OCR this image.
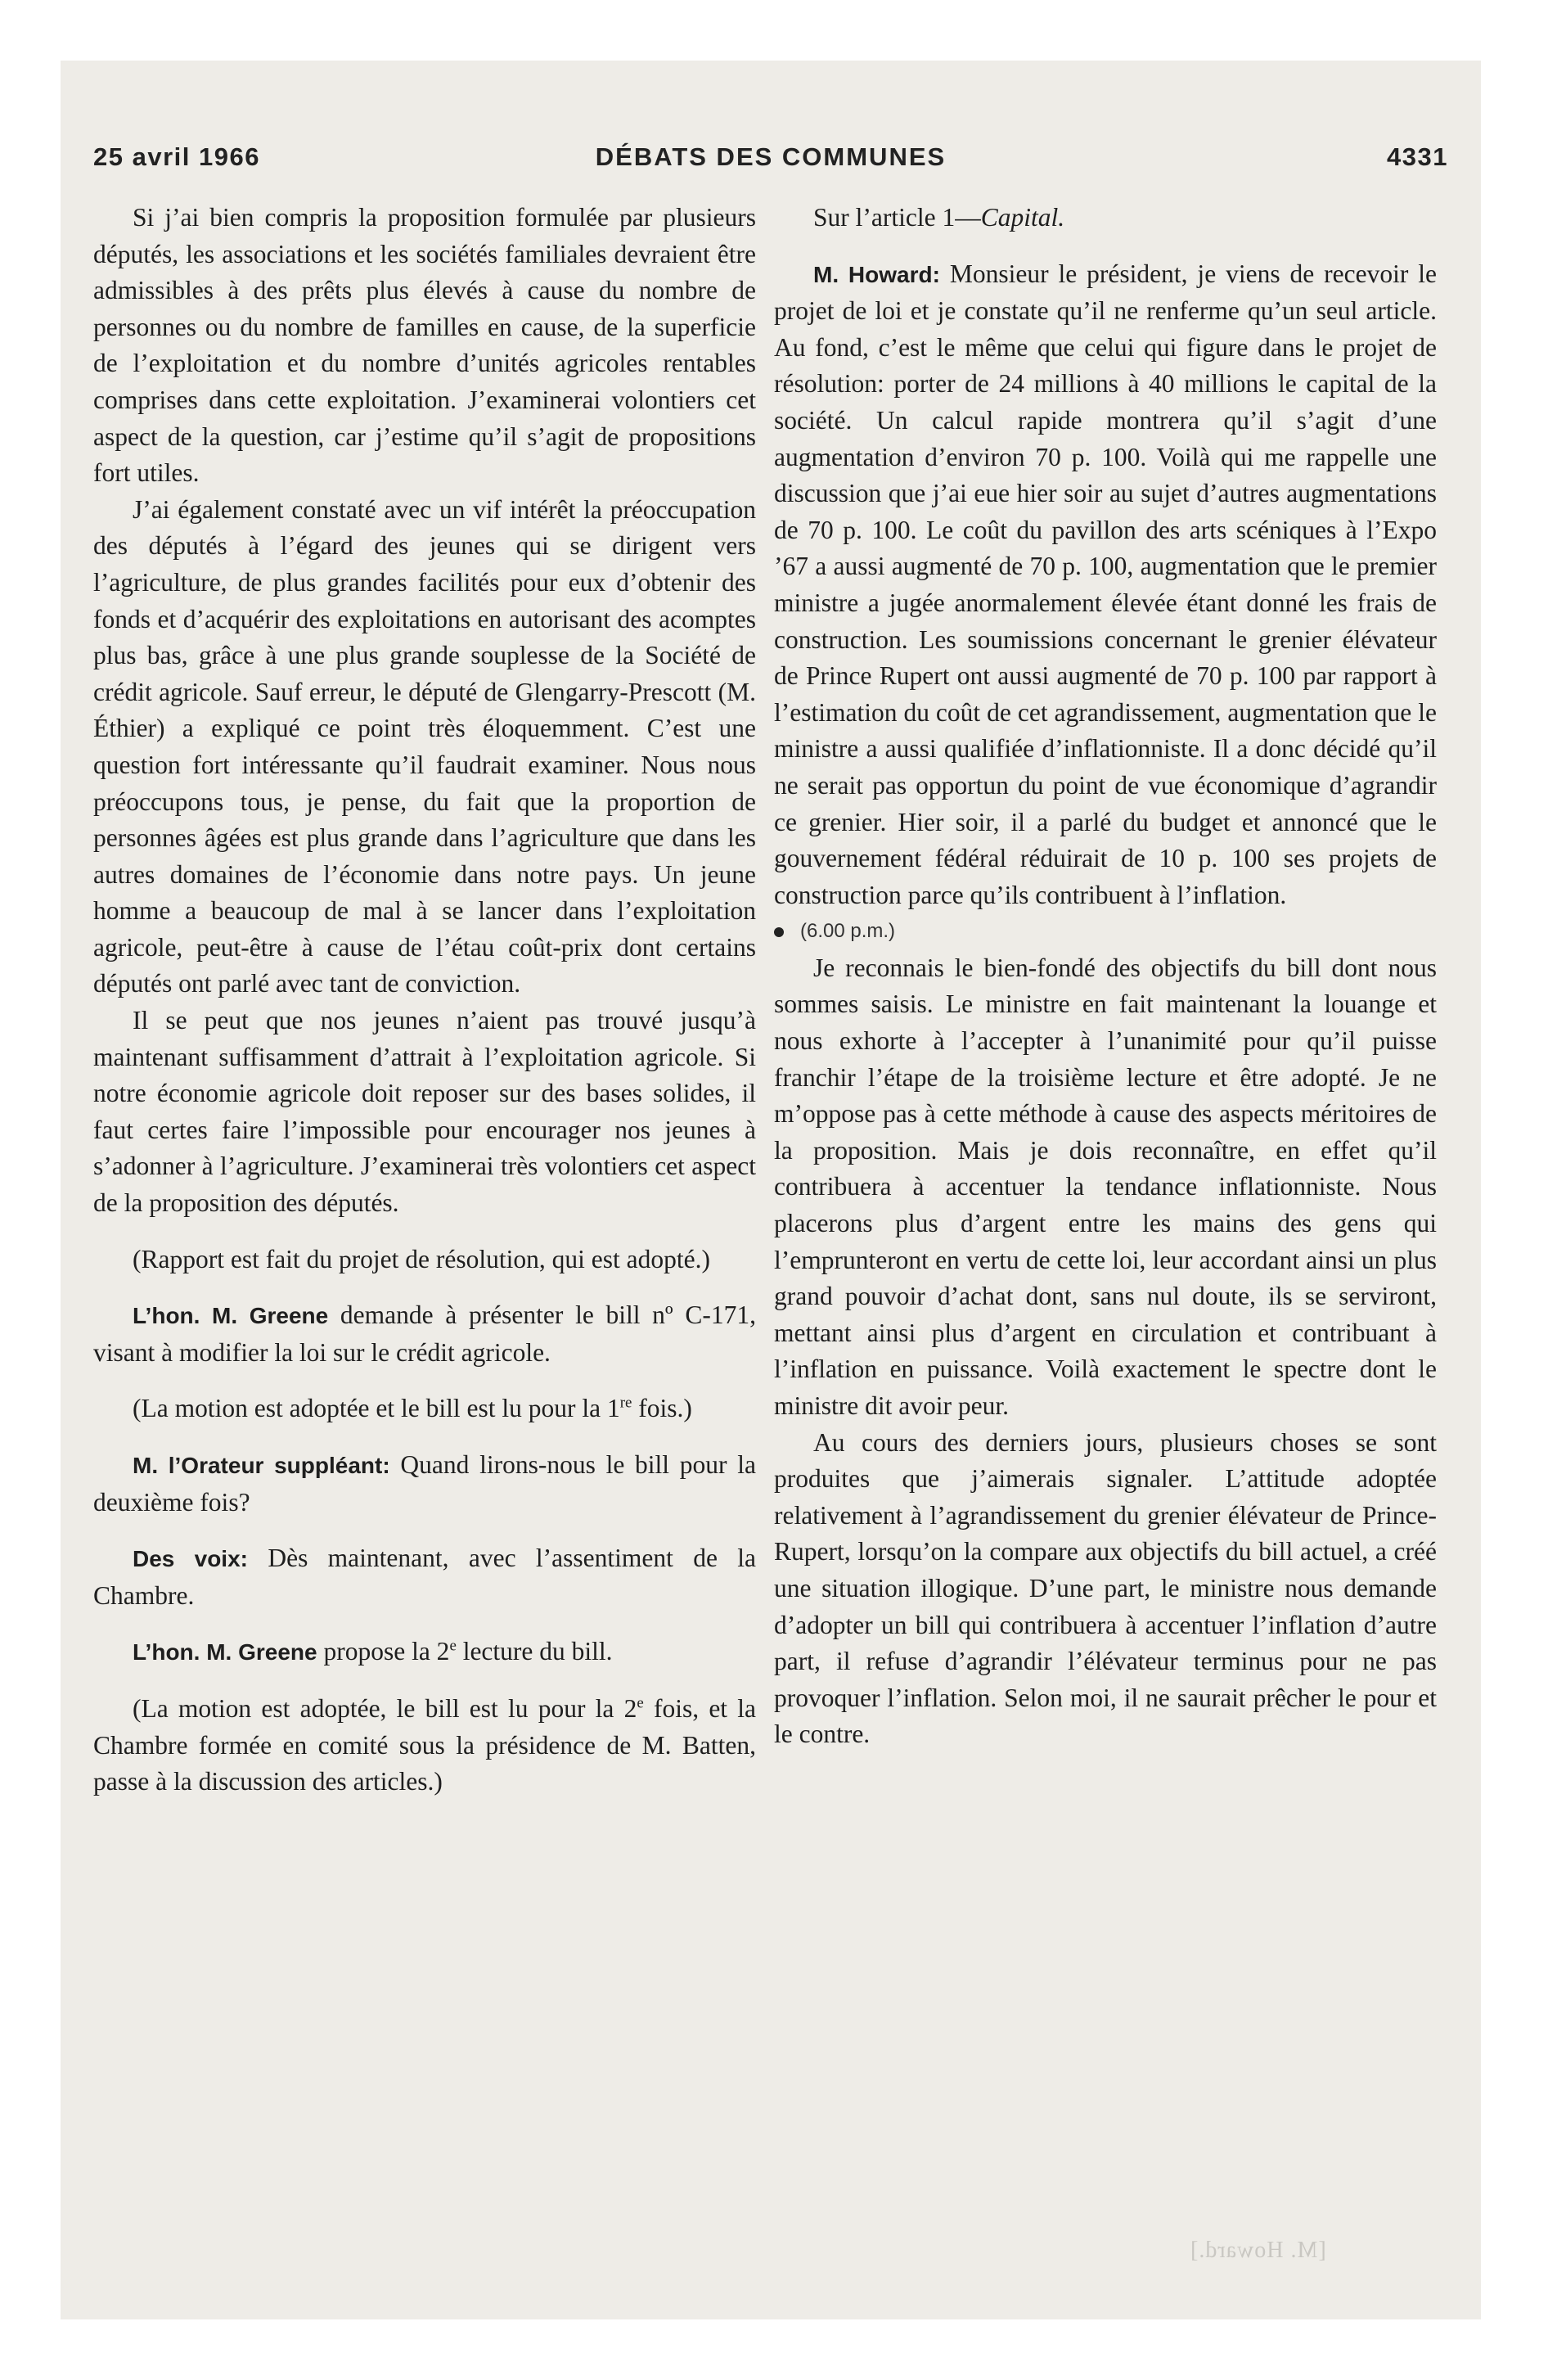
25 avril 1966	DÉBATS DES COMMUNES	4331

Si j’ai bien compris la proposition formulée par plusieurs députés, les associations et les sociétés familiales devraient être admissibles à des prêts plus élevés à cause du nombre de personnes ou du nombre de familles en cause, de la superficie de l’exploitation et du nombre d’unités agricoles rentables comprises dans cette exploitation. J’examinerai volontiers cet aspect de la question, car j’estime qu’il s’agit de propositions fort utiles.

J’ai également constaté avec un vif intérêt la préoccupation des députés à l’égard des jeunes qui se dirigent vers l’agriculture, de plus grandes facilités pour eux d’obtenir des fonds et d’acquérir des exploitations en autorisant des acomptes plus bas, grâce à une plus grande souplesse de la Société de crédit agricole. Sauf erreur, le député de Glengarry-Prescott (M. Éthier) a expliqué ce point très éloquemment. C’est une question fort intéressante qu’il faudrait examiner. Nous nous préoccupons tous, je pense, du fait que la proportion de personnes âgées est plus grande dans l’agriculture que dans les autres domaines de l’économie dans notre pays. Un jeune homme a beaucoup de mal à se lancer dans l’exploitation agricole, peut-être à cause de l’étau coût-prix dont certains députés ont parlé avec tant de conviction.

Il se peut que nos jeunes n’aient pas trouvé jusqu’à maintenant suffisamment d’attrait à l’exploitation agricole. Si notre économie agricole doit reposer sur des bases solides, il faut certes faire l’impossible pour encourager nos jeunes à s’adonner à l’agriculture. J’examinerai très volontiers cet aspect de la proposition des députés.

(Rapport est fait du projet de résolution, qui est adopté.)

L’hon. M. Greene demande à présenter le bill nº C-171, visant à modifier la loi sur le crédit agricole.

(La motion est adoptée et le bill est lu pour la 1re fois.)

M. l’Orateur suppléant: Quand lirons-nous le bill pour la deuxième fois?

Des voix: Dès maintenant, avec l’assentiment de la Chambre.

L’hon. M. Greene propose la 2e lecture du bill.

(La motion est adoptée, le bill est lu pour la 2e fois, et la Chambre formée en comité sous la présidence de M. Batten, passe à la discussion des articles.)

Sur l’article 1—Capital.

M. Howard: Monsieur le président, je viens de recevoir le projet de loi et je constate qu’il ne renferme qu’un seul article. Au fond, c’est le même que celui qui figure dans le projet de résolution: porter de 24 millions à 40 millions le capital de la société. Un calcul rapide montrera qu’il s’agit d’une augmentation d’environ 70 p. 100. Voilà qui me rappelle une discussion que j’ai eue hier soir au sujet d’autres augmentations de 70 p. 100. Le coût du pavillon des arts scéniques à l’Expo ’67 a aussi augmenté de 70 p. 100, augmentation que le premier ministre a jugée anormalement élevée étant donné les frais de construction. Les soumissions concernant le grenier élévateur de Prince Rupert ont aussi augmenté de 70 p. 100 par rapport à l’estimation du coût de cet agrandissement, augmentation que le ministre a aussi qualifiée d’inflationniste. Il a donc décidé qu’il ne serait pas opportun du point de vue économique d’agrandir ce grenier. Hier soir, il a parlé du budget et annoncé que le gouvernement fédéral réduirait de 10 p. 100 ses projets de construction parce qu’ils contribuent à l’inflation.

(6.00 p.m.)

Je reconnais le bien-fondé des objectifs du bill dont nous sommes saisis. Le ministre en fait maintenant la louange et nous exhorte à l’accepter à l’unanimité pour qu’il puisse franchir l’étape de la troisième lecture et être adopté. Je ne m’oppose pas à cette méthode à cause des aspects méritoires de la proposition. Mais je dois reconnaître, en effet qu’il contribuera à accentuer la tendance inflationniste. Nous placerons plus d’argent entre les mains des gens qui l’emprunteront en vertu de cette loi, leur accordant ainsi un plus grand pouvoir d’achat dont, sans nul doute, ils se serviront, mettant ainsi plus d’argent en circulation et contribuant à l’inflation en puissance. Voilà exactement le spectre dont le ministre dit avoir peur.

Au cours des derniers jours, plusieurs choses se sont produites que j’aimerais signaler. L’attitude adoptée relativement à l’agrandissement du grenier élévateur de Prince-Rupert, lorsqu’on la compare aux objectifs du bill actuel, a créé une situation illogique. D’une part, le ministre nous demande d’adopter un bill qui contribuera à accentuer l’inflation d’autre part, il refuse d’agrandir l’élévateur terminus pour ne pas provoquer l’inflation. Selon moi, il ne saurait prêcher le pour et le contre.

[M. Howard.]
